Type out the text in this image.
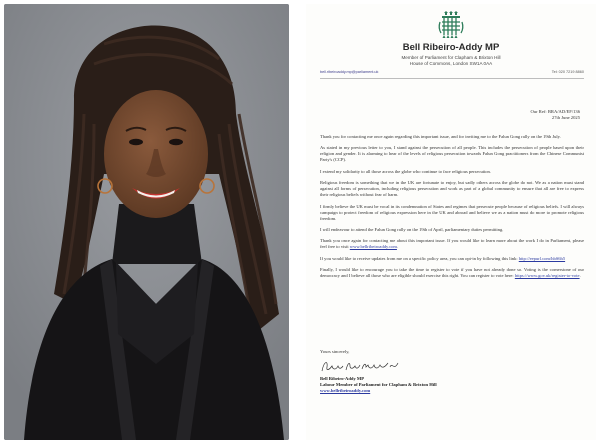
Bell Ribeiro-Addy MP
Member of Parliament for Clapham & Brixton Hill
House of Commons, London SW1A 0AA
bell.ribeiroaddy.mp@parliament.uk	Tel: 020 7219 8860
Our Ref: BRA/AD/EF/136
27th June 2025

Thank you for contacting me once again regarding this important issue, and for inviting me to the Falun Gong rally on the 19th July.

As stated in my previous letter to you, I stand against the persecution of all people. This includes the persecution of people based upon their religion and gender. It is alarming to hear of the levels of religious persecution towards Falun Gong practitioners from the Chinese Communist Party's (CCP).

I extend my solidarity to all those across the globe who continue to face religious persecution.

Religious freedom is something that we in the UK are fortunate to enjoy, but sadly others across the globe do not. We as a nation must stand against all forms of persecution, including religious persecution and work as part of a global community to ensure that all are free to express their religious beliefs without fear of harm.

I firmly believe the UK must be vocal in its condemnation of States and regimes that persecute people because of religious beliefs. I will always campaign to protect freedom of religious expression here in the UK and abroad and believe we as a nation must do more to promote religious freedom.

I will endeavour to attend the Falun Gong rally on the 19th of April, parliamentary duties permitting.

Thank you once again for contacting me about this important issue. If you would like to learn more about the work I do in Parliament, please feel free to visit www.bellribeiroaddy.com.

If you would like to receive updates from me on a specific policy area, you can opt-in by following this link: http://eepurl.com/hbS6h5

Finally, I would like to encourage you to take the time to register to vote if you have not already done so. Voting is the cornerstone of our democracy and I believe all those who are eligible should exercise this right. You can register to vote here: https://www.gov.uk/register-to-vote.

Yours sincerely,
Bell Ribeiro-Addy MP
Labour Member of Parliament for Clapham & Brixton Hill
www.bellribeiroaddy.com
